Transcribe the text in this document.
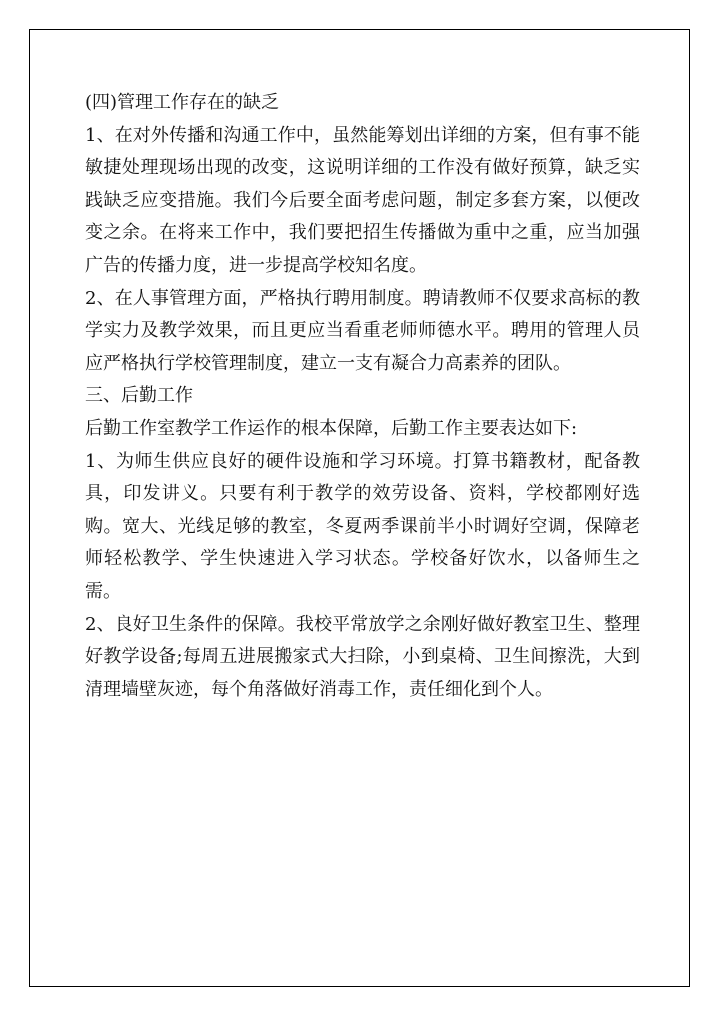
(四)管理工作存在的缺乏

1、在对外传播和沟通工作中，虽然能筹划出详细的方案，但有事不能敏捷处理现场出现的改变，这说明详细的工作没有做好预算，缺乏实践缺乏应变措施。我们今后要全面考虑问题，制定多套方案，以便改变之余。在将来工作中，我们要把招生传播做为重中之重，应当加强广告的传播力度，进一步提高学校知名度。

2、在人事管理方面，严格执行聘用制度。聘请教师不仅要求高标的教学实力及教学效果，而且更应当看重老师师德水平。聘用的管理人员应严格执行学校管理制度，建立一支有凝合力高素养的团队。

三、后勤工作

后勤工作室教学工作运作的根本保障，后勤工作主要表达如下:

1、为师生供应良好的硬件设施和学习环境。打算书籍教材，配备教具，印发讲义。只要有利于教学的效劳设备、资料，学校都刚好选购。宽大、光线足够的教室，冬夏两季课前半小时调好空调，保障老师轻松教学、学生快速进入学习状态。学校备好饮水，以备师生之需。

2、良好卫生条件的保障。我校平常放学之余刚好做好教室卫生、整理好教学设备;每周五进展搬家式大扫除，小到桌椅、卫生间擦洗，大到清理墙壁灰迹，每个角落做好消毒工作，责任细化到个人。
